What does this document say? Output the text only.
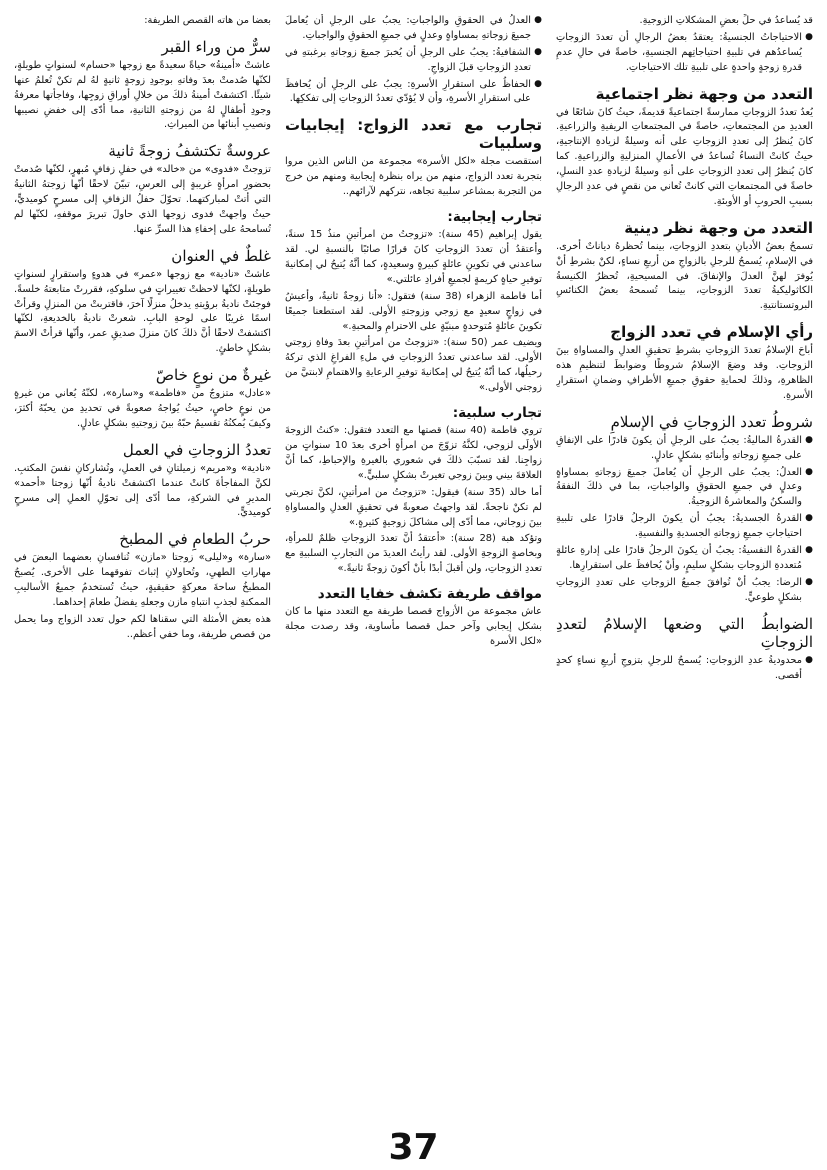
قد يُساعدُ في حلِّ بعضِ المشكلاتِ الزوجيةِ.

● الاحتياجاتُ الجنسيةُ: يعتقدُ بعضُ الرجالِ أن تعددَ الزوجاتِ يُساعدُهم في تلبيةِ احتياجاتِهم الجنسيةِ، خاصةً في حالِ عدمِ قدرةِ زوجةٍ واحدةٍ على تلبيةِ تلك الاحتياجاتِ.

التعدد من وجهة نظر اجتماعية

يُعدُ تعددُ الزوجاتِ ممارسةً اجتماعيةً قديمةً، حيثُ كانَ شائعًا في العديدِ من المجتمعاتِ، خاصةً في المجتمعاتِ الريفيةِ والزراعيةِ. كانَ يُنظرُ إلى تعددِ الزوجاتِ على أنه وسيلةٌ لزيادةِ الإنتاجيةِ، حيثُ كانتْ النساءُ تُساعدُ في الأعمالِ المنزليةِ والزراعيةِ. كما كانَ يُنظرُ إلى تعددِ الزوجاتِ على أنهِ وسيلةٌ لزيادةِ عددِ النسلِ، خاصةً في المجتمعاتِ التي كانتْ تُعاني من نقصٍ في عددِ الرجالِ بسببِ الحروبِ أو الأوبئةِ.

التعدد من وجهة نظر دينية

تسمحُ بعضُ الأديانِ بتعددِ الزوجاتِ، بينما تُحظرهُ دياناتٌ أخرى. في الإسلامِ، يُسمحُ للرجلِ بالزواجِ من أربعِ نساءٍ، لكنْ بشرطِ أنْ يُوفرَ لهنَّ العدلَ والإنفاقَ. في المسيحيةِ، تُحظرُ الكنيسةُ الكاثوليكيةُ تعددَ الزوجاتِ، بينما تُسمحهُ بعضُ الكنائسِ البروتستانتيةِ.

رأي الإسلام في تعدد الزواج

أباحَ الإسلامُ تعددَ الزوجاتِ بشرطِ تحقيقِ العدلِ والمساواةِ بينَ الزوجاتِ. وقد وضعَ الإسلامُ شروطًا وضوابطَ لتنظيمِ هذه الظاهرةِ، وذلكَ لحمايةِ حقوقِ جميعِ الأطرافِ وضمانِ استقرارِ الأسرةِ.

شروطُ تعدد الزوجاتِ في الإسلامِ

● القدرةُ الماليةُ: يجبُ على الرجلِ أن يكونَ قادرًا على الإنفاقِ على جميعِ زوجاتهِ وأبنائهِ بشكلٍ عادلٍ.

● العدلُ: يجبُ على الرجلِ أن يُعاملَ جميعَ زوجاتهِ بمساواةٍ وعدلٍ في جميعِ الحقوقِ والواجباتِ، بما في ذلكَ النفقةُ والسكنُ والمعاشرةُ الزوجيةُ.

● القدرةُ الجسديةُ: يجبُ أن يكونَ الرجلُ قادرًا على تلبيةِ احتياجاتِ جميعِ زوجاتهِ الجسديةِ والنفسيةِ.

● القدرةُ النفسيةُ: يجبُ أن يكونَ الرجلُ قادرًا على إدارةِ عائلةٍ مُتعددةِ الزوجاتِ بشكلٍ سليمٍ، وأنْ يُحافظَ على استقرارِها.

● الرضا: يجبُ أنْ تُوافقَ جميعُ الزوجاتِ على تعددِ الزوجاتِ بشكلٍ طوعيٍّ.

الضوابطُ التي وضعها الإسلامُ لتعددِ الزوجاتِ

● محدوديةُ عددِ الزوجاتِ: يُسمحُ للرجلِ بتزوجِ أربعِ نساءٍ كحدٍ أقصى.

● العدلُ في الحقوقِ والواجباتِ: يجبُ على الرجلِ أن يُعاملَ جميعَ زوجاتهِ بمساواةٍ وعدلٍ في جميعِ الحقوقِ والواجباتِ.

● الشفافيةُ: يجبُ على الرجلِ أن يُخبرَ جميعَ زوجاتهِ برغبتهِ في تعددِ الزوجاتِ قبلَ الزواجِ.

● الحفاظُ على استقرارِ الأسرةِ: يجبُ على الرجلِ أن يُحافظَ على استقرارِ الأسرةِ، وأن لا يُؤدّي تعددُ الزوجاتِ إلى تفككِها.

تجارب مع تعدد الزواج: إيجابيات وسلبيات

استقصت مجلة «لكل الأسرة» مجموعة من الناس الذين مروا بتجربة تعدد الزواج، منهم من يراه بنظرة إيجابية ومنهم من خرج من التجربة بمشاعر سلبية تجاهه، نتركهم لآرائهم..

تجارب إيجابية:

يقول إبراهيم (45 سنة): «تزوجتُ من امرأتينِ منذُ 15 سنةً، وأعتقدُ أن تعددَ الزوجاتِ كانَ قرارًا صائبًا بالنسبةِ لي. لقد ساعدني في تكوينِ عائلةٍ كبيرةٍ وسعيدةٍ، كما أنَّهُ يُتيحُ لي إمكانيةَ توفيرِ حياةٍ كريمةٍ لجميعِ أفرادِ عائلتي.»

أما فاطمة الزهراء (38 سنة) فتقول: «أنا زوجةٌ ثانيةٌ، وأعيشُ في زواجٍ سعيدٍ مع زوجي وزوجتهِ الأولى. لقد استطعنا جميعًا تكوينَ عائلةٍ مُتوحدةٍ مبنيّةٍ على الاحترامِ والمحبةِ.»

ويضيف عمر (50 سنة): «تزوجتُ من امرأتينِ بعدَ وفاةِ زوجتي الأولى. لقد ساعدني تعددُ الزوجاتِ في ملءِ الفراغِ الذي تركهُ رحيلُها، كما أنّهُ يُتيحُ لي إمكانيةَ توفيرِ الرعايةِ والاهتمامِ لابنتيَّ من زوجتي الأولى.»

تجارب سلبية:

تروي فاطمة (40 سنة) قصتها مع التعدد فتقول: «كنتُ الزوجةَ الأولَى لزوجي، لكنَّهُ تزوّجَ من امرأةٍ أخرى بعدَ 10 سنواتٍ من زواجِنا. لقد تسبّبَ ذلكَ في شعوري بالغيرةِ والإحباطِ، كما أنَّ العلاقةَ بيني وبينَ زوجي تغيرتْ بشكلٍ سلبيٍّ.»

أما خالد (35 سنة) فيقول: «تزوجتُ من امرأتينِ، لكنَّ تجربتي لم تكنْ ناجحةً. لقد واجهتُ صعوبةً في تحقيقِ العدلِ والمساواةِ بينَ زوجاتي، مما أدّى إلى مشاكلَ زوجيةٍ كثيرةٍ.»

وتؤكد هبة (28 سنة): «أعتقدُ أنَّ تعددَ الزوجاتِ ظلمٌ للمرأةِ، وبخاصةٍ الزوجةِ الأولى. لقد رأيتُ العديدَ من التجاربِ السلبيةِ مع تعددِ الزوجاتِ، ولن أقبلَ أبدًا بأنْ أكونَ زوجةً ثانيةً.»

مواقف طريفة تكشف خفايا التعدد

عاش مجموعة من الأزواج قصصا طريفة مع التعدد منها ما كان بشكل إيجابي وآخر حمل قصصا مأساوية، وقد رصدت مجلة «لكل الأسرة

بعضا من هاته القصص الطريفة:

سرٌّ من وراء القبر

عاشتْ «أمينةُ» حياةً سعيدةً مع زوجها «حسام» لسنواتٍ طويلةٍ، لكنّها صُدمتْ بعدَ وفاتهِ بوجودِ زوجةٍ ثانيةٍ لهُ لم تكنْ تُعلمُ عنها شيئًا. اكتشفتْ أمينةُ ذلكَ من خلالِ أوراقِ زوجِها، وفاجأتها معرفةُ وجودِ أطفالٍ لهُ من زوجتهِ الثانيةِ، مما أدّى إلى خفضِ نصيبها ونصيبِ أبنائها من الميراثِ.

عروسةٌ تكتشفُ زوجةً ثانية

تزوجتْ «فدوى» من «خالد» في حفلِ زفافٍ مُبهرٍ، لكنّها صُدمتْ بحضورِ امرأةٍ غريبةٍ إلى العرسِ، تبيّنَ لاحقًا أنّها زوجتهُ الثانيةُ التي أتتْ لمباركتهما. تحوّلَ حفلُ الزفافِ إلى مسرحٍ كوميديٍّ، حيثُ واجهتْ فدوى زوجها الذي حاولَ تبريرَ موقفهِ، لكنّها لم تُسامحهُ على إخفاءِ هذا السرِّ عنها.

غلطٌ في العنوان

عاشتْ «نادية» مع زوجها «عمر» في هدوءٍ واستقرارٍ لسنواتٍ طويلةٍ، لكنّها لاحظتْ تغييراتٍ في سلوكهِ، فقررتْ متابعتهُ خلسةً. فوجئتْ ناديةُ برؤيتهِ يدخلُ منزلًا آخرَ، فاقتربتْ من المنزلِ وقرأتْ اسمًا غريبًا على لوحةِ البابِ. شعرتْ ناديةُ بالخديعةِ، لكنّها اكتشفتْ لاحقًا أنَّ ذلكَ كانَ منزلَ صديقِ عمر، وأنّها قرأتْ الاسمَ بشكلٍ خاطئٍ.

غيرةٌ من نوعٍ خاصّ

«عادل» متزوجٌ من «فاطمة» و«سارة»، لكنّهُ يُعاني من غيرةٍ من نوعٍ خاصٍ، حيثُ يُواجهُ صعوبةً في تحديدِ من يحبّهُ أكثرَ، وكيفَ يُمكنُهُ تقسيمُ حبّهُ بينَ زوجتيهِ بشكلٍ عادلٍ.

تعددُ الزوجاتِ في العمل

«نادية» و«مريم» زميلتانِ في العملِ، وتُشاركانِ نفسَ المكتبِ. لكنَّ المفاجأةَ كانتْ عندما اكتشفتْ ناديةُ أنّها زوجتا «أحمد» المديرِ في الشركةِ، مما أدّى إلى تحوّلِ العملِ إلى مسرحٍ كوميديٍّ.

حربُ الطعامِ في المطبخ

«سارة» و«ليلى» زوجتا «مازن» تُنافسانِ بعضهما البعضَ في مهاراتِ الطهيِ، وتُحاولانِ إثباتَ تفوقهما على الأخرى. يُصبحُ المطبخُ ساحةَ معركةٍ حقيقيةٍ، حيثُ تُستخدمُ جميعُ الأساليبِ الممكنةِ لجذبِ انتباهِ مازن وجعلهِ يفضلُ طعامَ إحداهما.

هذه بعض الأمثلة التي سقناها لكم حول تعدد الزواج وما يحمل من قصص طريفة، وما خفي أعظم..

37
